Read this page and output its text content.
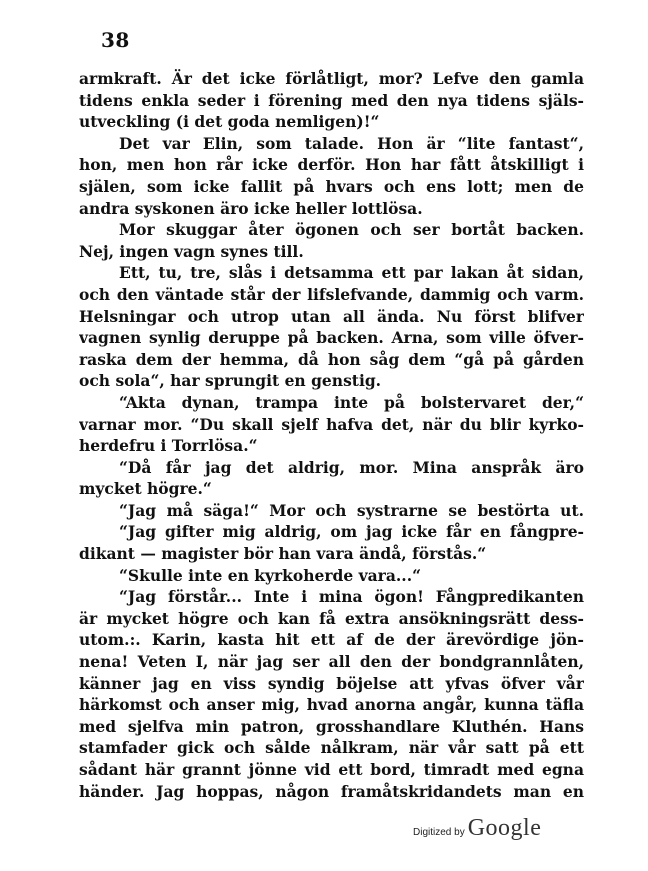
38
armkraft. Är det icke förlåtligt, mor? Lefve den gamla
tidens enkla seder i förening med den nya tidens själs-
utveckling (i det goda nemligen)!“
Det var Elin, som talade. Hon är “lite fantast“,
hon, men hon rår icke derför. Hon har fått åtskilligt i
själen, som icke fallit på hvars och ens lott; men de
andra syskonen äro icke heller lottlösa.
Mor skuggar åter ögonen och ser bortåt backen.
Nej, ingen vagn synes till.
Ett, tu, tre, slås i detsamma ett par lakan åt sidan,
och den väntade står der lifslefvande, dammig och varm.
Helsningar och utrop utan all ända. Nu först blifver
vagnen synlig deruppe på backen. Arna, som ville öfver-
raska dem der hemma, då hon såg dem “gå på gården
och sola“, har sprungit en genstig.
“Akta dynan, trampa inte på bolstervaret der,“
varnar mor. “Du skall sjelf hafva det, när du blir kyrko-
herdefru i Torrlösa.“
“Då får jag det aldrig, mor. Mina anspråk äro
mycket högre.“
“Jag må säga!“ Mor och systrarne se bestörta ut.
“Jag gifter mig aldrig, om jag icke får en fångpre-
dikant — magister bör han vara ändå, förstås.“
“Skulle inte en kyrkoherde vara...“
“Jag förstår... Inte i mina ögon! Fångpredikanten
är mycket högre och kan få extra ansökningsrätt dess-
utom.:. Karin, kasta hit ett af de der ärevördige jön-
nena! Veten I, när jag ser all den der bondgrannlåten,
känner jag en viss syndig böjelse att yfvas öfver vår
härkomst och anser mig, hvad anorna angår, kunna täfla
med sjelfva min patron, grosshandlare Kluthén. Hans
stamfader gick och sålde nålkram, när vår satt på ett
sådant här grannt jönne vid ett bord, timradt med egna
händer. Jag hoppas, någon framåtskridandets man en
Digitized by Google
